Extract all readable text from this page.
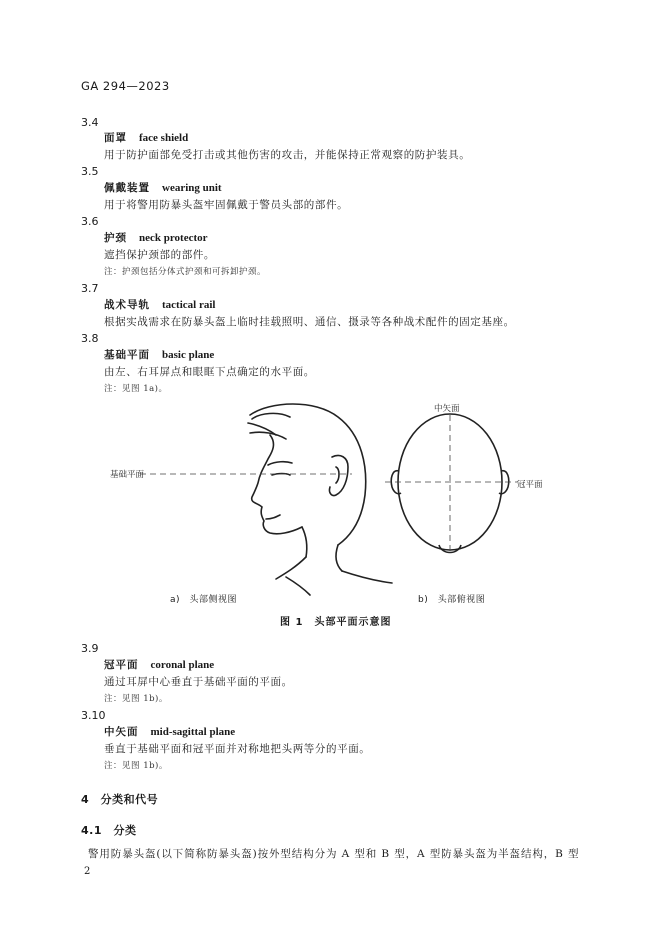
GA 294—2023
3.4
面罩 face shield
用于防护面部免受打击或其他伤害的攻击，并能保持正常观察的防护装具。
3.5
佩戴装置 wearing unit
用于将警用防暴头盔牢固佩戴于警员头部的部件。
3.6
护颈 neck protector
遮挡保护颈部的部件。
注：护颈包括分体式护颈和可拆卸护颈。
3.7
战术导轨 tactical rail
根据实战需求在防暴头盔上临时挂载照明、通信、摄录等各种战术配件的固定基座。
3.8
基础平面 basic plane
由左、右耳屏点和眼眶下点确定的水平面。
注：见图 1a)。
基础平面
中矢面
冠平面
a)　头部侧视图	b)　头部俯视图
图 1　头部平面示意图
3.9
冠平面 coronal plane
通过耳屏中心垂直于基础平面的平面。
注：见图 1b)。
3.10
中矢面 mid-sagittal plane
垂直于基础平面和冠平面并对称地把头两等分的平面。
注：见图 1b)。
4　分类和代号
4.1　分类
警用防暴头盔(以下简称防暴头盔)按外型结构分为 A 型和 B 型，A 型防暴头盔为半盔结构，B 型
2
